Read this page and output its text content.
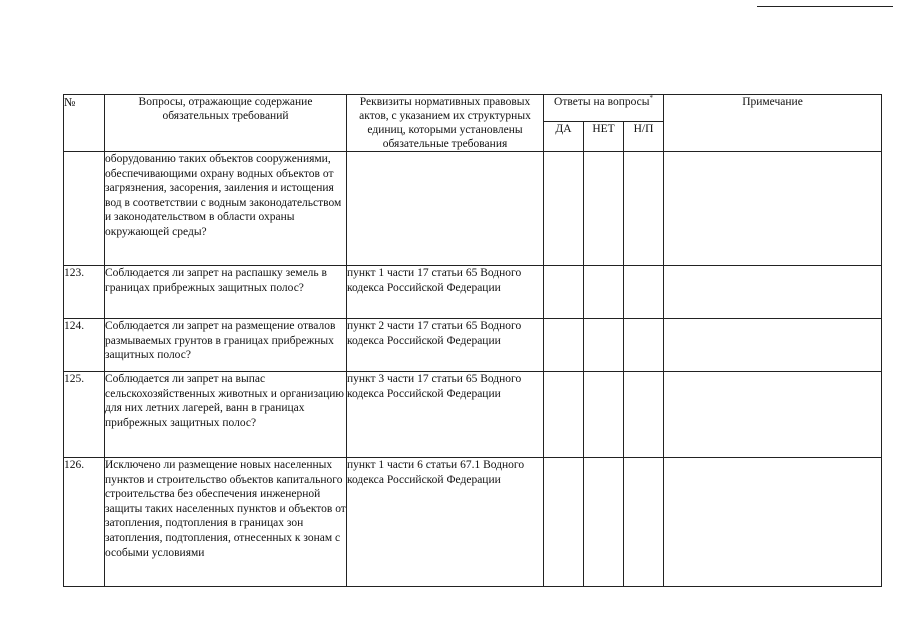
№	Вопросы, отражающие содержание обязательных требований	Реквизиты нормативных правовых актов, с указанием их структурных единиц, которыми установлены обязательные требования	Ответы на вопросы*			Примечание
			ДА	НЕТ	Н/П	
	оборудованию таких объектов сооружениями, обеспечивающими охрану водных объектов от загрязнения, засорения, заиления и истощения вод в соответствии с водным законодательством и законодательством в области охраны окружающей среды?					
123.	Соблюдается ли запрет на распашку земель в границах прибрежных защитных полос?	пункт 1 части 17 статьи 65 Водного кодекса Российской Федерации				
124.	Соблюдается ли запрет на размещение отвалов размываемых грунтов в границах прибрежных защитных полос?	пункт 2 части 17 статьи 65 Водного кодекса Российской Федерации				
125.	Соблюдается ли запрет на выпас сельскохозяйственных животных и организацию для них летних лагерей, ванн в границах прибрежных защитных полос?	пункт 3 части 17 статьи 65 Водного кодекса Российской Федерации				
126.	Исключено ли размещение новых населенных пунктов и строительство объектов капитального строительства без обеспечения инженерной защиты таких населенных пунктов и объектов от затопления, подтопления в границах зон затопления, подтопления, отнесенных к зонам с особыми условиями	пункт 1 части 6 статьи 67.1 Водного кодекса Российской Федерации				
